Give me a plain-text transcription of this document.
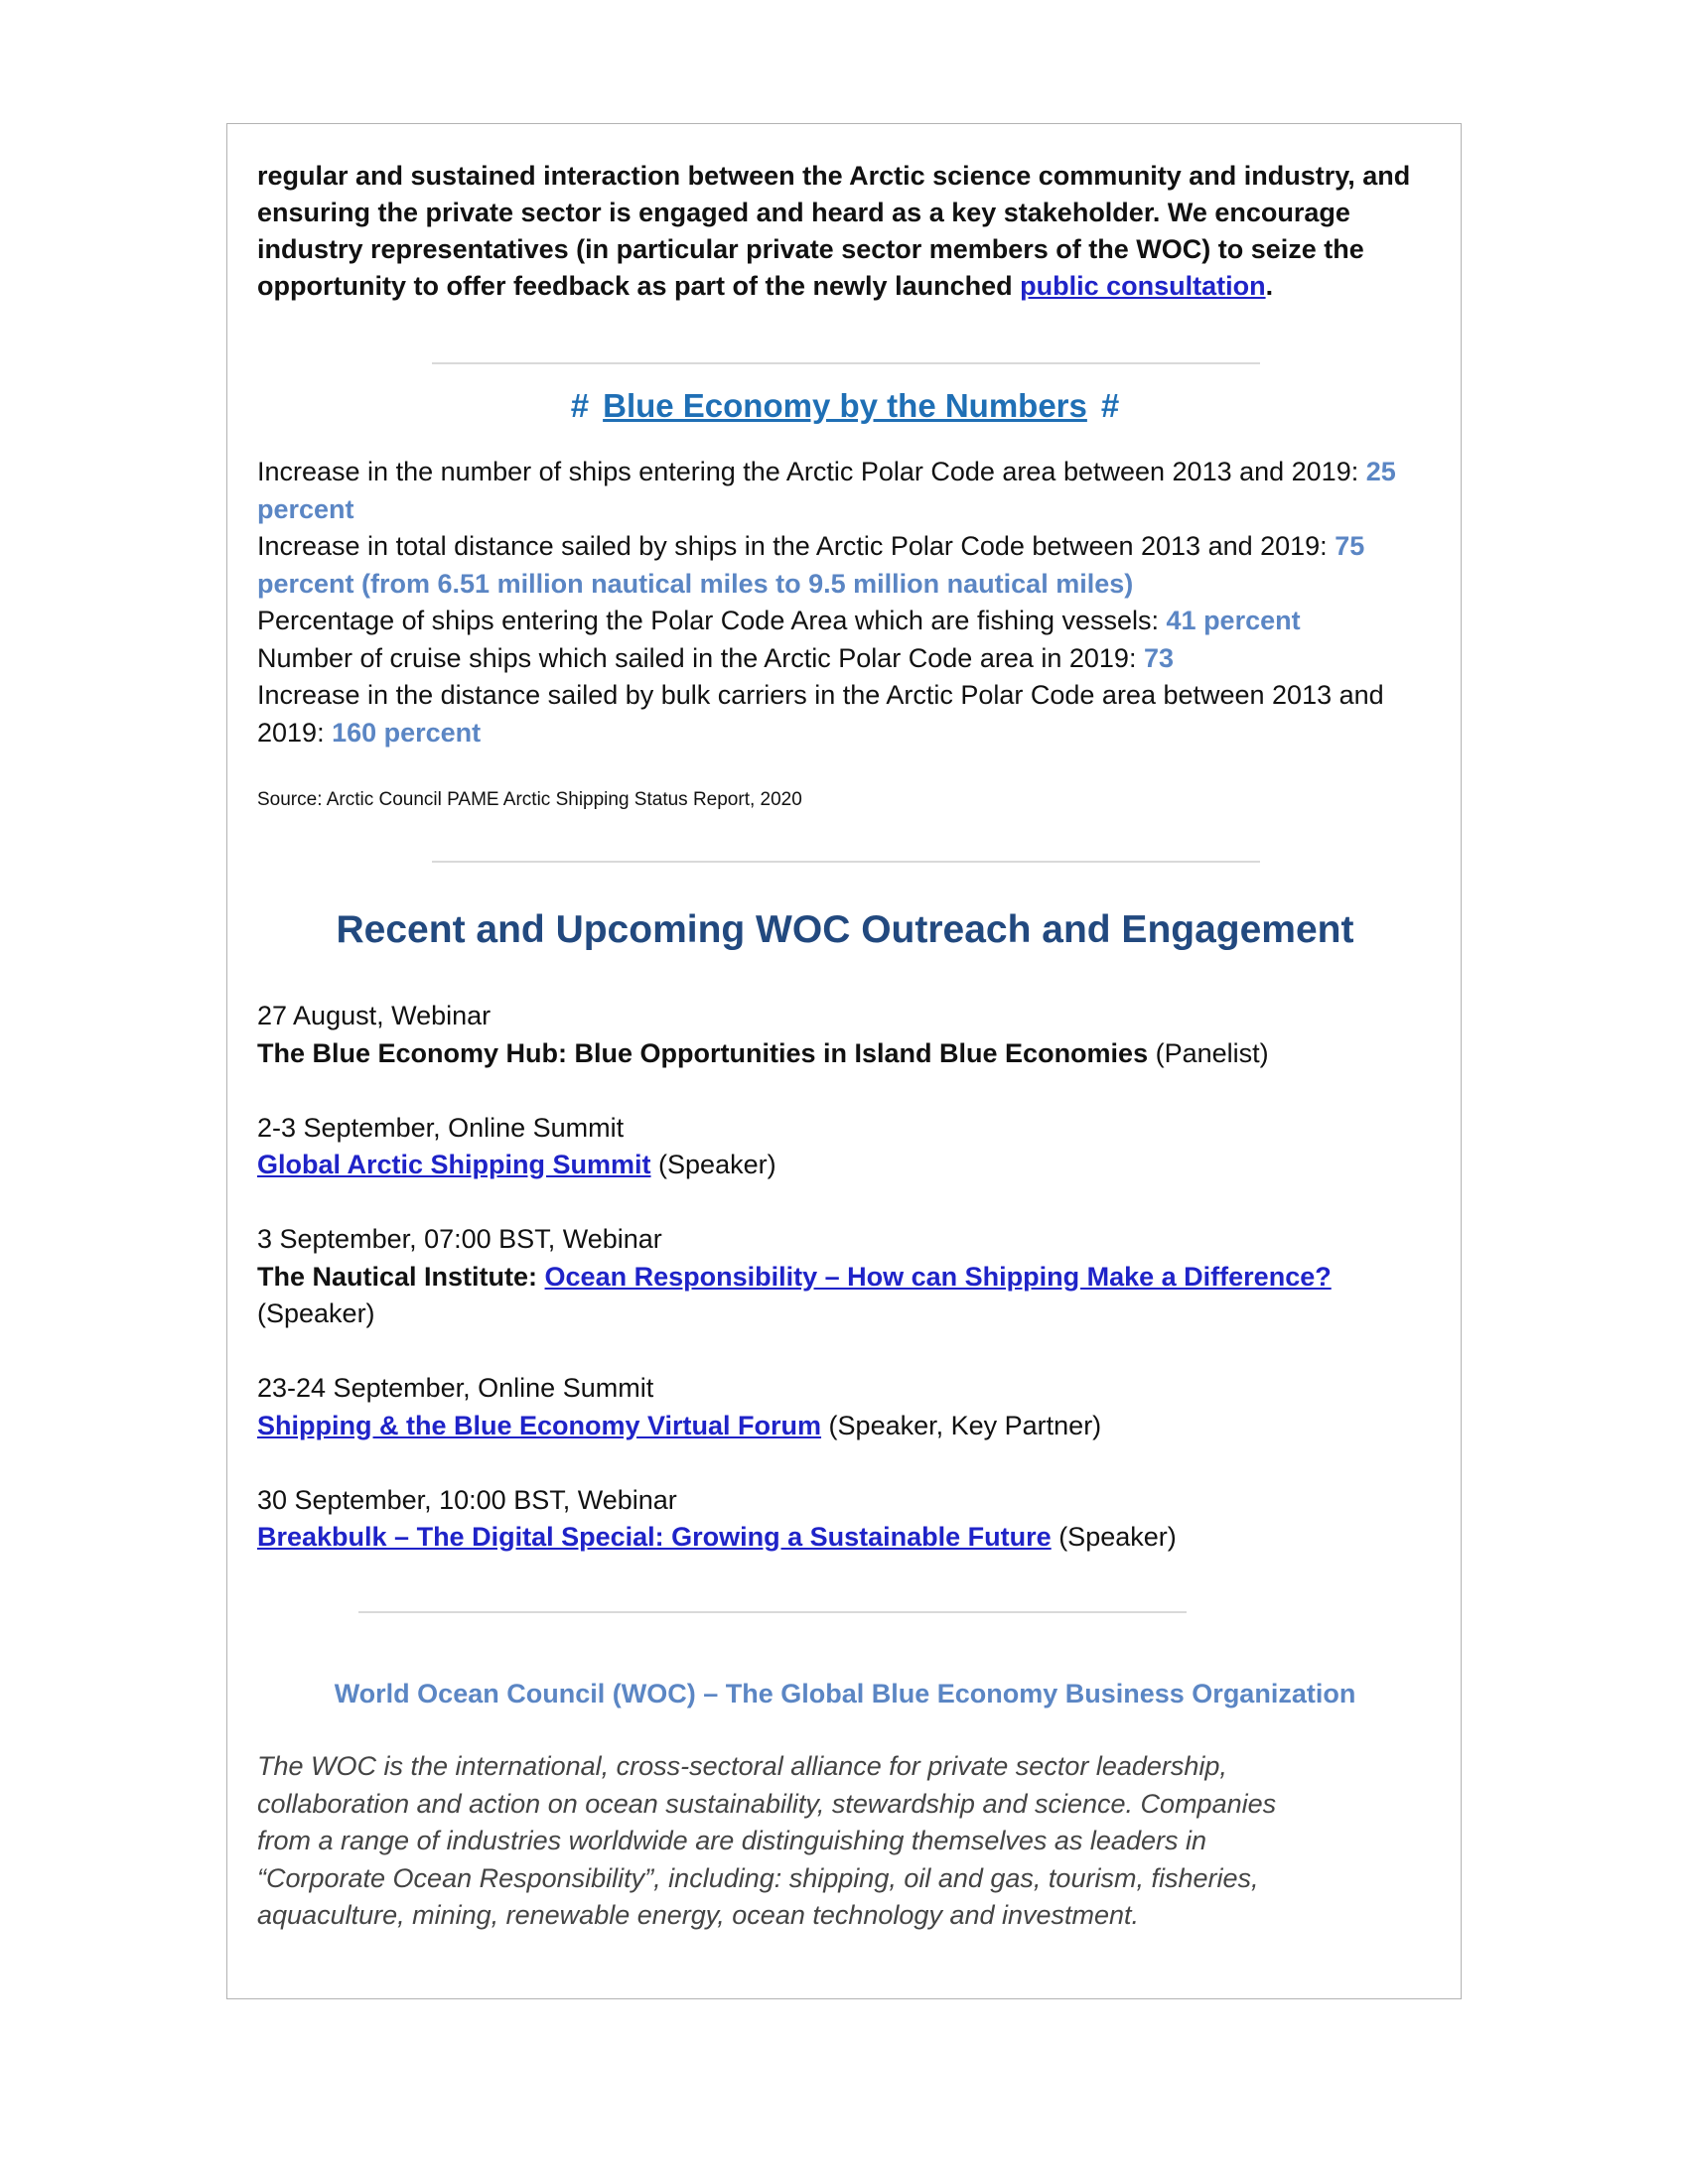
regular and sustained interaction between the Arctic science community and industry, and ensuring the private sector is engaged and heard as a key stakeholder. We encourage industry representatives (in particular private sector members of the WOC) to seize the opportunity to offer feedback as part of the newly launched public consultation.
# Blue Economy by the Numbers #
Increase in the number of ships entering the Arctic Polar Code area between 2013 and 2019: 25 percent
Increase in total distance sailed by ships in the Arctic Polar Code between 2013 and 2019: 75 percent (from 6.51 million nautical miles to 9.5 million nautical miles)
Percentage of ships entering the Polar Code Area which are fishing vessels: 41 percent
Number of cruise ships which sailed in the Arctic Polar Code area in 2019: 73
Increase in the distance sailed by bulk carriers in the Arctic Polar Code area between 2013 and 2019: 160 percent
Source: Arctic Council PAME Arctic Shipping Status Report, 2020
Recent and Upcoming WOC Outreach and Engagement
27 August, Webinar
The Blue Economy Hub: Blue Opportunities in Island Blue Economies (Panelist)
2-3 September, Online Summit
Global Arctic Shipping Summit (Speaker)
3 September, 07:00 BST, Webinar
The Nautical Institute: Ocean Responsibility – How can Shipping Make a Difference? (Speaker)
23-24 September, Online Summit
Shipping & the Blue Economy Virtual Forum (Speaker, Key Partner)
30 September, 10:00 BST, Webinar
Breakbulk – The Digital Special: Growing a Sustainable Future (Speaker)
World Ocean Council (WOC) – The Global Blue Economy Business Organization
The WOC is the international, cross-sectoral alliance for private sector leadership, collaboration and action on ocean sustainability, stewardship and science. Companies from a range of industries worldwide are distinguishing themselves as leaders in “Corporate Ocean Responsibility”, including: shipping, oil and gas, tourism, fisheries, aquaculture, mining, renewable energy, ocean technology and investment.
